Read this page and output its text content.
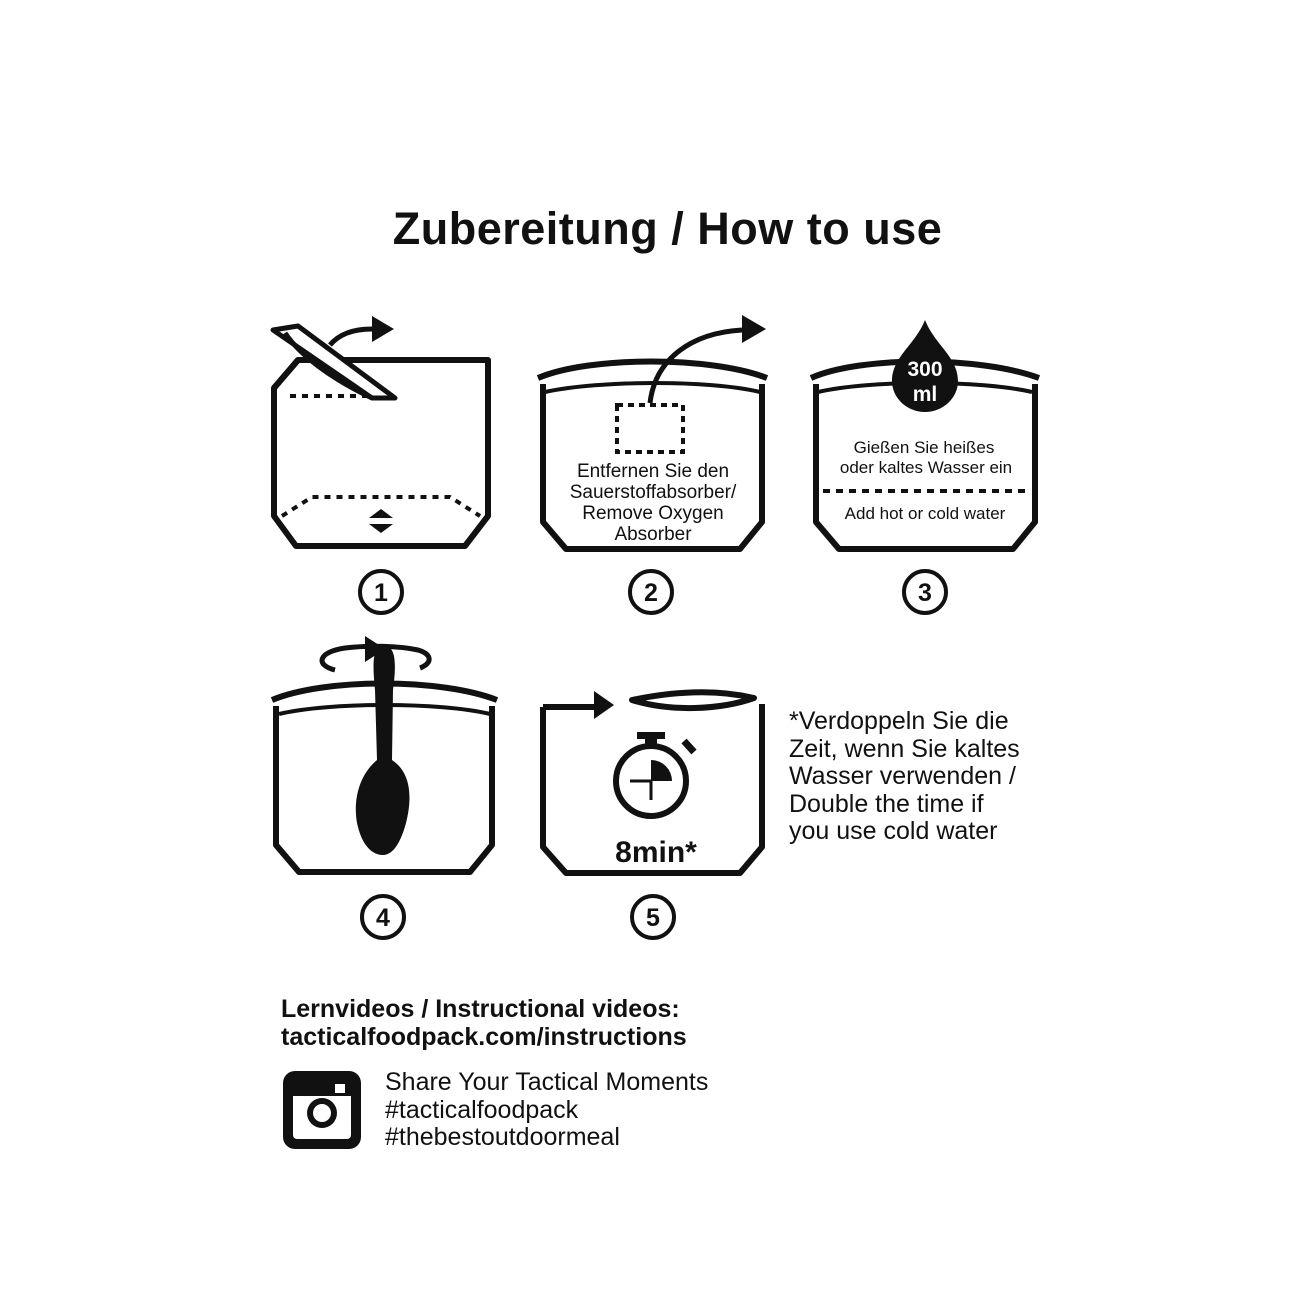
Zubereitung / How to use
1	2	3
4	5
Entfernen Sie den
Sauerstoffabsorber/
Remove Oxygen
Absorber
300
ml
Gießen Sie heißes
oder kaltes Wasser ein
Add hot or cold water
8min*
*Verdoppeln Sie die
Zeit, wenn Sie kaltes
Wasser verwenden /
Double the time if
you use cold water
Lernvideos / Instructional videos:
tacticalfoodpack.com/instructions
Share Your Tactical Moments
#tacticalfoodpack
#thebestoutdoormeal
